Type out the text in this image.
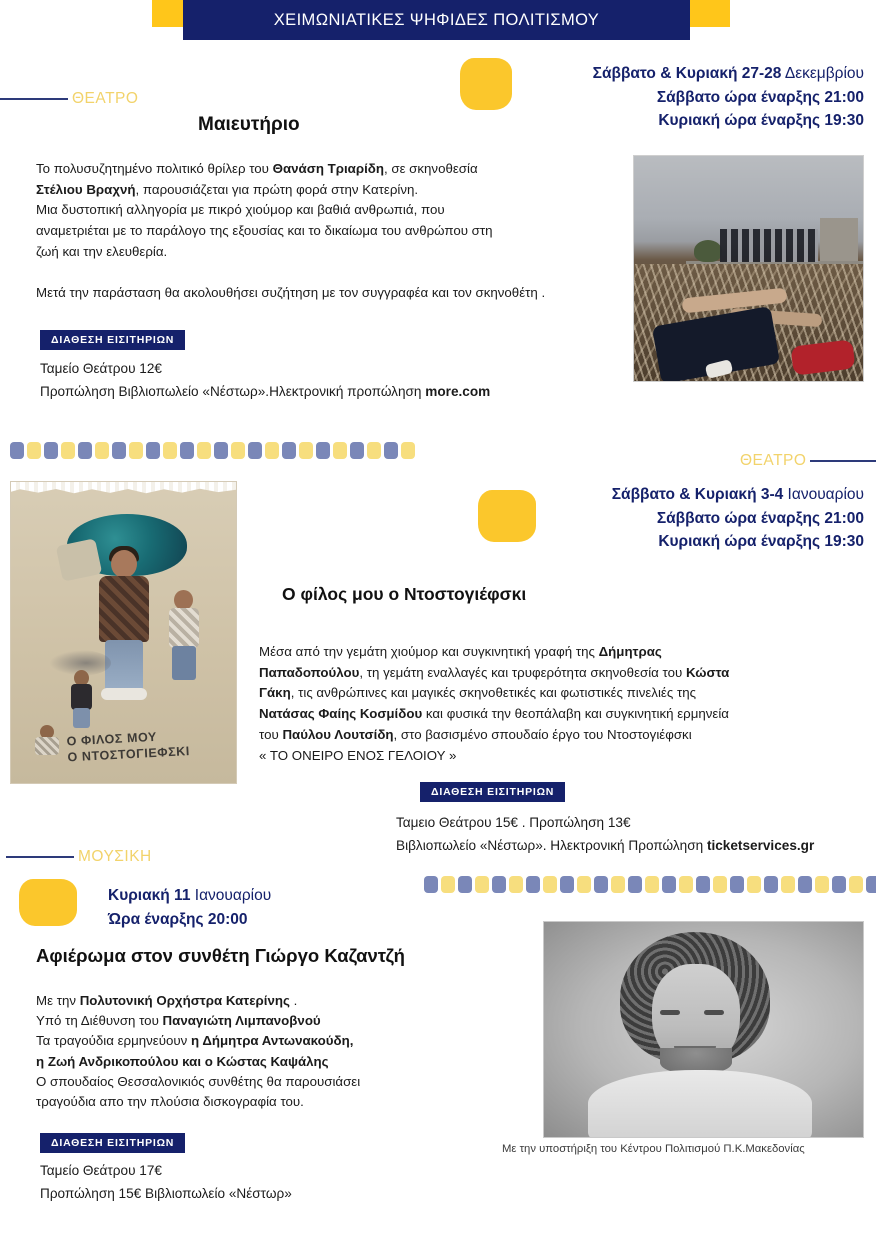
ΧΕΙΜΩΝΙΑΤΙΚΕΣ ΨΗΦΙΔΕΣ ΠΟΛΙΤΙΣΜΟΥ
ΘΕΑΤΡΟ
Σάββατο & Κυριακή 27-28 Δεκεμβρίου
Σάββατο ώρα έναρξης 21:00
Κυριακή ώρα έναρξης 19:30
Μαιευτήριο
Το πολυσυζητημένο πολιτικό θρίλερ του Θανάση Τριαρίδη, σε σκηνοθεσία
Στέλιου Βραχνή, παρουσιάζεται για πρώτη φορά στην Κατερίνη.
Μια δυστοπική αλληγορία με πικρό χιούμορ και βαθιά ανθρωπιά, που
αναμετριέται με το παράλογο της εξουσίας και το δικαίωμα του ανθρώπου στη
ζωή και την ελευθερία.

Μετά την παράσταση θα ακολουθήσει συζήτηση με τον συγγραφέα και τον σκηνοθέτη .
ΔΙΑΘΕΣΗ ΕΙΣΙΤΗΡΙΩΝ
Ταμείο Θεάτρου 12€
Προπώληση Βιβλιοπωλείο «Νέστωρ».Ηλεκτρονική προπώληση more.com
ΘΕΑΤΡΟ
Σάββατο & Κυριακή 3-4 Ιανουαρίου
Σάββατο ώρα έναρξης 21:00
Κυριακή ώρα έναρξης 19:30
Ο ΦΙΛΟΣ ΜΟΥ
Ο ΝΤΟΣΤΟΓΙΕΦΣΚΙ
Ο φίλος μου ο Ντοστογιέφσκι
Μέσα από την γεμάτη χιούμορ και συγκινητική γραφή της Δήμητρας
Παπαδοπούλου, τη γεμάτη εναλλαγές και τρυφερότητα σκηνοθεσία του Κώστα
Γάκη, τις ανθρώπινες και μαγικές σκηνοθετικές και φωτιστικές πινελιές της
Νατάσας Φαίης Κοσμίδου και φυσικά την θεοπάλαβη και συγκινητική ερμηνεία
του Παύλου Λουτσίδη, στο βασισμένο σπουδαίο έργο του Ντοστογιέφσκι
« ΤΟ ΟΝΕΙΡΟ ΕΝΟΣ ΓΕΛΟΙΟΥ »
ΔΙΑΘΕΣΗ ΕΙΣΙΤΗΡΙΩΝ
Ταμειο Θεάτρου 15€ . Προπώληση 13€
Βιβλιοπωλείο «Νέστωρ». Ηλεκτρονική Προπώληση ticketservices.gr
ΜΟΥΣΙΚΗ
Κυριακή 11 Ιανουαρίου
Ώρα έναρξης 20:00
Αφιέρωμα στον συνθέτη Γιώργο Καζαντζή
Με την Πολυτονική Ορχήστρα Κατερίνης .
Υπό τη Διέθυνση του Παναγιώτη Λιμπανοβνού
Τα τραγούδια ερμηνεύουν η Δήμητρα Αντωνακούδη,
η Ζωή Ανδρικοπούλου και ο Κώστας Καψάλης
Ο σπουδαίος Θεσσαλονικιός συνθέτης θα παρουσιάσει
τραγούδια απο την πλούσια δισκογραφία του.
Με την υποστήριξη του Κέντρου Πολιτισμού Π.Κ.Μακεδονίας
ΔΙΑΘΕΣΗ ΕΙΣΙΤΗΡΙΩΝ
Ταμείο Θεάτρου 17€
Προπώληση 15€ Βιβλιοπωλείο «Νέστωρ»
